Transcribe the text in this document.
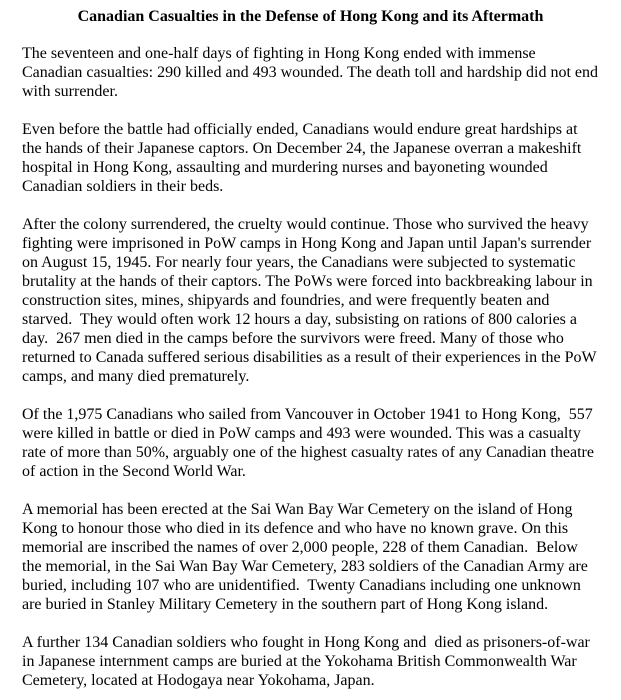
Canadian Casualties in the Defense of Hong Kong and its Aftermath

The seventeen and one-half days of fighting in Hong Kong ended with immense Canadian casualties: 290 killed and 493 wounded. The death toll and hardship did not end with surrender.

Even before the battle had officially ended, Canadians would endure great hardships at the hands of their Japanese captors. On December 24, the Japanese overran a makeshift hospital in Hong Kong, assaulting and murdering nurses and bayoneting wounded Canadian soldiers in their beds.

After the colony surrendered, the cruelty would continue. Those who survived the heavy fighting were imprisoned in PoW camps in Hong Kong and Japan until Japan's surrender on August 15, 1945. For nearly four years, the Canadians were subjected to systematic brutality at the hands of their captors. The PoWs were forced into backbreaking labour in construction sites, mines, shipyards and foundries, and were frequently beaten and starved.  They would often work 12 hours a day, subsisting on rations of 800 calories a day.  267 men died in the camps before the survivors were freed. Many of those who returned to Canada suffered serious disabilities as a result of their experiences in the PoW camps, and many died prematurely.

Of the 1,975 Canadians who sailed from Vancouver in October 1941 to Hong Kong,  557 were killed in battle or died in PoW camps and 493 were wounded. This was a casualty rate of more than 50%, arguably one of the highest casualty rates of any Canadian theatre of action in the Second World War.

A memorial has been erected at the Sai Wan Bay War Cemetery on the island of Hong Kong to honour those who died in its defence and who have no known grave. On this memorial are inscribed the names of over 2,000 people, 228 of them Canadian.  Below the memorial, in the Sai Wan Bay War Cemetery, 283 soldiers of the Canadian Army are buried, including 107 who are unidentified.  Twenty Canadians including one unknown are buried in Stanley Military Cemetery in the southern part of Hong Kong island.

A further 134 Canadian soldiers who fought in Hong Kong and  died as prisoners-of-war in Japanese internment camps are buried at the Yokohama British Commonwealth War Cemetery, located at Hodogaya near Yokohama, Japan.
